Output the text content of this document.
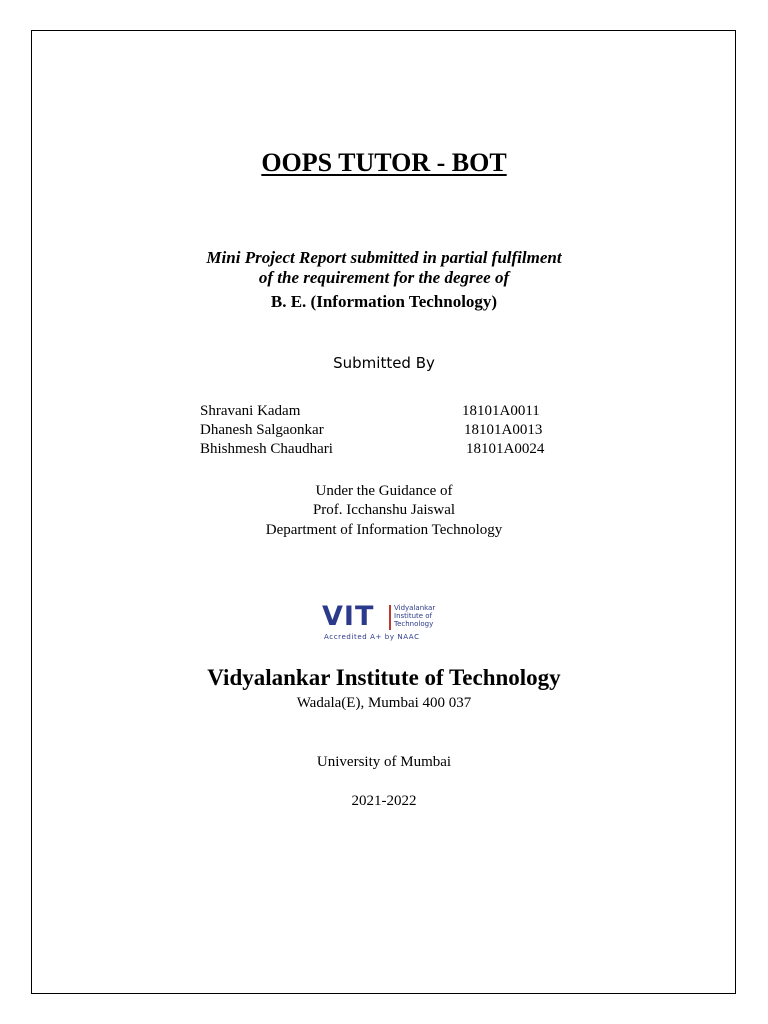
OOPS TUTOR - BOT
Mini Project Report submitted in partial fulfilment
of the requirement for the degree of
B. E. (Information Technology)
Submitted By
Shravani Kadam	18101A0011
Dhanesh Salgaonkar	18101A0013
Bhishmesh Chaudhari	18101A0024
Under the Guidance of
Prof. Icchanshu Jaiswal
Department of Information Technology
VIT	Vidyalankar
Institute of
Technology
Accredited A+ by NAAC
Vidyalankar Institute of Technology
Wadala(E), Mumbai 400 037
University of Mumbai
2021-2022
